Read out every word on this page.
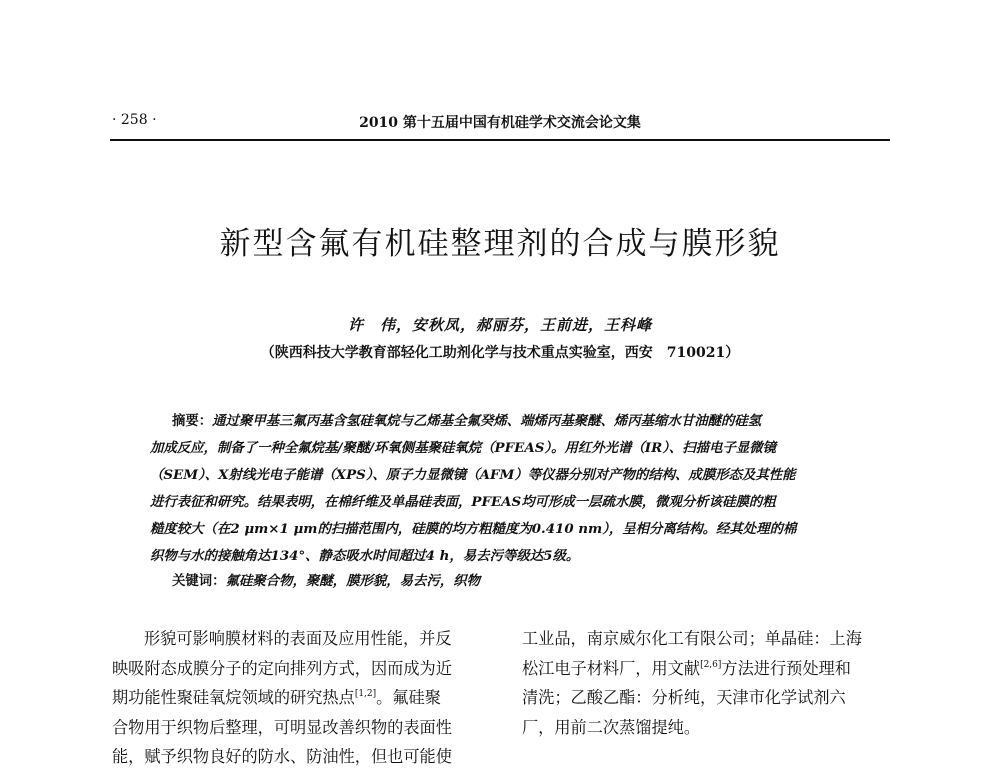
· 258 ·	2010 第十五届中国有机硅学术交流会论文集
新型含氟有机硅整理剂的合成与膜形貌
许　伟，安秋凤，郝丽芬，王前进，王科峰
（陕西科技大学教育部轻化工助剂化学与技术重点实验室，西安　710021）
摘要：通过聚甲基三氟丙基含氢硅氧烷与乙烯基全氟癸烯、端烯丙基聚醚、烯丙基缩水甘油醚的硅氢
加成反应，制备了一种全氟烷基/聚醚/环氧侧基聚硅氧烷（PFEAS）。用红外光谱（IR）、扫描电子显微镜
（SEM）、X射线光电子能谱（XPS）、原子力显微镜（AFM）等仪器分别对产物的结构、成膜形态及其性能
进行表征和研究。结果表明，在棉纤维及单晶硅表面，PFEAS均可形成一层疏水膜，微观分析该硅膜的粗
糙度较大（在2 μm×1 μm的扫描范围内，硅膜的均方粗糙度为0.410 nm），呈相分离结构。经其处理的棉
织物与水的接触角达134°、静态吸水时间超过4 h，易去污等级达5级。
关键词：氟硅聚合物，聚醚，膜形貌，易去污，织物
形貌可影响膜材料的表面及应用性能，并反
映吸附态成膜分子的定向排列方式，因而成为近
期功能性聚硅氧烷领域的研究热点[1,2]。氟硅聚
合物用于织物后整理，可明显改善织物的表面性
能，赋予织物良好的防水、防油性，但也可能使
工业品，南京威尔化工有限公司；单晶硅：上海
松江电子材料厂，用文献[2,6]方法进行预处理和
清洗；乙酸乙酯：分析纯，天津市化学试剂六
厂，用前二次蒸馏提纯。
